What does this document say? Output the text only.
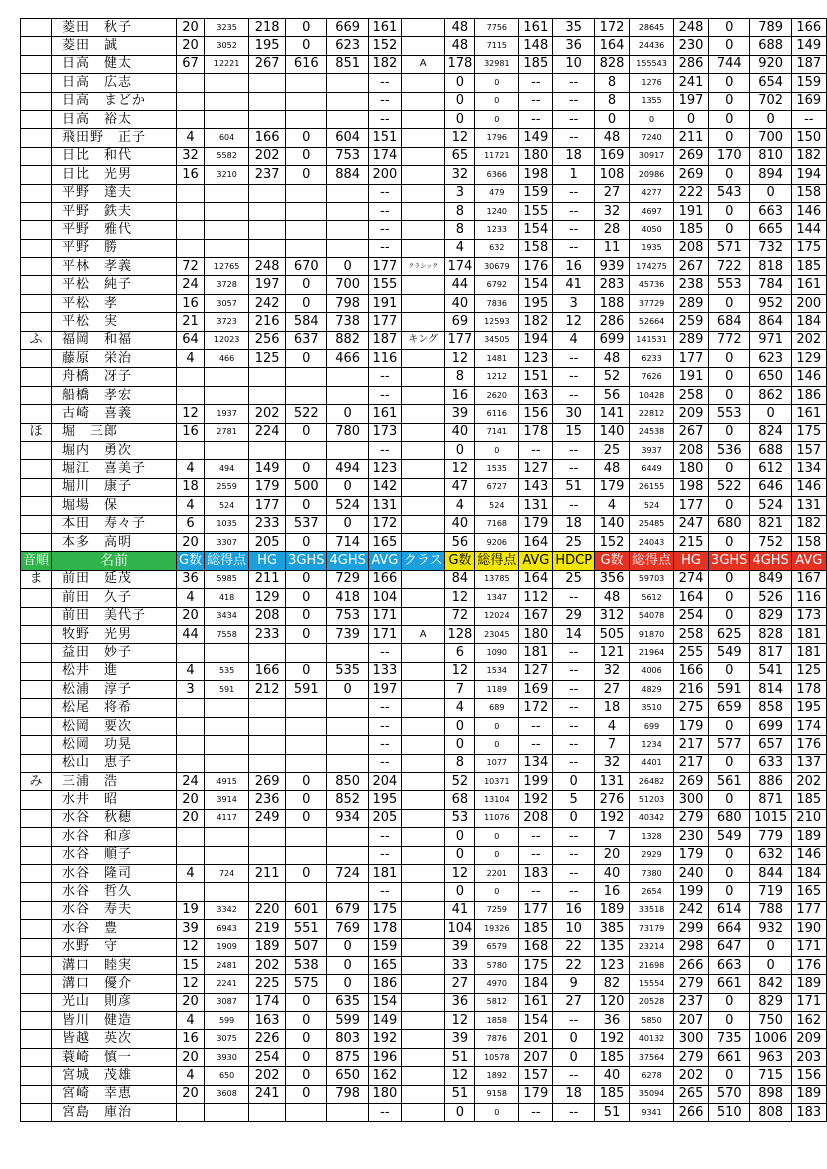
	菱田　秋子	20	3235	218	0	669	161		48	7756	161	35	172	28645	248	0	789	166
	菱田　誠	20	3052	195	0	623	152		48	7115	148	36	164	24436	230	0	688	149
	日高　健太	67	12221	267	616	851	182	A	178	32981	185	10	828	155543	286	744	920	187
	日高　広志						--		0	0	--	--	8	1276	241	0	654	159
	日高　まどか						--		0	0	--	--	8	1355	197	0	702	169
	日高　裕太						--		0	0	--	--	0	0	0	0	0	--
	飛田野　正子	4	604	166	0	604	151		12	1796	149	--	48	7240	211	0	700	150
	日比　和代	32	5582	202	0	753	174		65	11721	180	18	169	30917	269	170	810	182
	日比　光男	16	3210	237	0	884	200		32	6366	198	1	108	20986	269	0	894	194
	平野　達夫						--		3	479	159	--	27	4277	222	543	0	158
	平野　鉄夫						--		8	1240	155	--	32	4697	191	0	663	146
	平野　雅代						--		8	1233	154	--	28	4050	185	0	665	144
	平野　勝						--		4	632	158	--	11	1935	208	571	732	175
	平林　孝義	72	12765	248	670	0	177	クラシック	174	30679	176	16	939	174275	267	722	818	185
	平松　純子	24	3728	197	0	700	155		44	6792	154	41	283	45736	238	553	784	161
	平松　孝	16	3057	242	0	798	191		40	7836	195	3	188	37729	289	0	952	200
	平松　実	21	3723	216	584	738	177		69	12593	182	12	286	52664	259	684	864	184
ふ	福岡　和福	64	12023	256	637	882	187	キング	177	34505	194	4	699	141531	289	772	971	202
	藤原　栄治	4	466	125	0	466	116		12	1481	123	--	48	6233	177	0	623	129
	舟橋　冴子						--		8	1212	151	--	52	7626	191	0	650	146
	船橋　孝宏						--		16	2620	163	--	56	10428	258	0	862	186
	古崎　喜義	12	1937	202	522	0	161		39	6116	156	30	141	22812	209	553	0	161
ほ	堀　三郎	16	2781	224	0	780	173		40	7141	178	15	140	24538	267	0	824	175
	堀内　勇次						--		0	0	--	--	25	3937	208	536	688	157
	堀江　喜美子	4	494	149	0	494	123		12	1535	127	--	48	6449	180	0	612	134
	堀川　康子	18	2559	179	500	0	142		47	6727	143	51	179	26155	198	522	646	146
	堀場　保	4	524	177	0	524	131		4	524	131	--	4	524	177	0	524	131
	本田　寿々子	6	1035	233	537	0	172		40	7168	179	18	140	25485	247	680	821	182
	本多　高明	20	3307	205	0	714	165		56	9206	164	25	152	24043	215	0	752	158
音順	名前	G数	総得点	HG	3GHS	4GHS	AVG	クラス	G数	総得点	AVG	HDCP	G数	総得点	HG	3GHS	4GHS	AVG
ま	前田　延茂	36	5985	211	0	729	166		84	13785	164	25	356	59703	274	0	849	167
	前田　久子	4	418	129	0	418	104		12	1347	112	--	48	5612	164	0	526	116
	前田　美代子	20	3434	208	0	753	171		72	12024	167	29	312	54078	254	0	829	173
	牧野　光男	44	7558	233	0	739	171	A	128	23045	180	14	505	91870	258	625	828	181
	益田　妙子						--		6	1090	181	--	121	21964	255	549	817	181
	松井　進	4	535	166	0	535	133		12	1534	127	--	32	4006	166	0	541	125
	松浦　淳子	3	591	212	591	0	197		7	1189	169	--	27	4829	216	591	814	178
	松尾　将希						--		4	689	172	--	18	3510	275	659	858	195
	松岡　要次						--		0	0	--	--	4	699	179	0	699	174
	松岡　功晃						--		0	0	--	--	7	1234	217	577	657	176
	松山　恵子						--		8	1077	134	--	32	4401	217	0	633	137
み	三浦　浩	24	4915	269	0	850	204		52	10371	199	0	131	26482	269	561	886	202
	水井　昭	20	3914	236	0	852	195		68	13104	192	5	276	51203	300	0	871	185
	水谷　秋穂	20	4117	249	0	934	205		53	11076	208	0	192	40342	279	680	1015	210
	水谷　和彦						--		0	0	--	--	7	1328	230	549	779	189
	水谷　順子						--		0	0	--	--	20	2929	179	0	632	146
	水谷　隆司	4	724	211	0	724	181		12	2201	183	--	40	7380	240	0	844	184
	水谷　哲久						--		0	0	--	--	16	2654	199	0	719	165
	水谷　寿夫	19	3342	220	601	679	175		41	7259	177	16	189	33518	242	614	788	177
	水谷　豊	39	6943	219	551	769	178		104	19326	185	10	385	73179	299	664	932	190
	水野　守	12	1909	189	507	0	159		39	6579	168	22	135	23214	298	647	0	171
	溝口　睦実	15	2481	202	538	0	165		33	5780	175	22	123	21698	266	663	0	176
	溝口　優介	12	2241	225	575	0	186		27	4970	184	9	82	15554	279	661	842	189
	光山　則彦	20	3087	174	0	635	154		36	5812	161	27	120	20528	237	0	829	171
	皆川　健造	4	599	163	0	599	149		12	1858	154	--	36	5850	207	0	750	162
	皆越　英次	16	3075	226	0	803	192		39	7876	201	0	192	40132	300	735	1006	209
	蓑崎　慎一	20	3930	254	0	875	196		51	10578	207	0	185	37564	279	661	963	203
	宮城　茂雄	4	650	202	0	650	162		12	1892	157	--	40	6278	202	0	715	156
	宮崎　幸恵	20	3608	241	0	798	180		51	9158	179	18	185	35094	265	570	898	189
	宮島　庫治						--		0	0	--	--	51	9341	266	510	808	183
